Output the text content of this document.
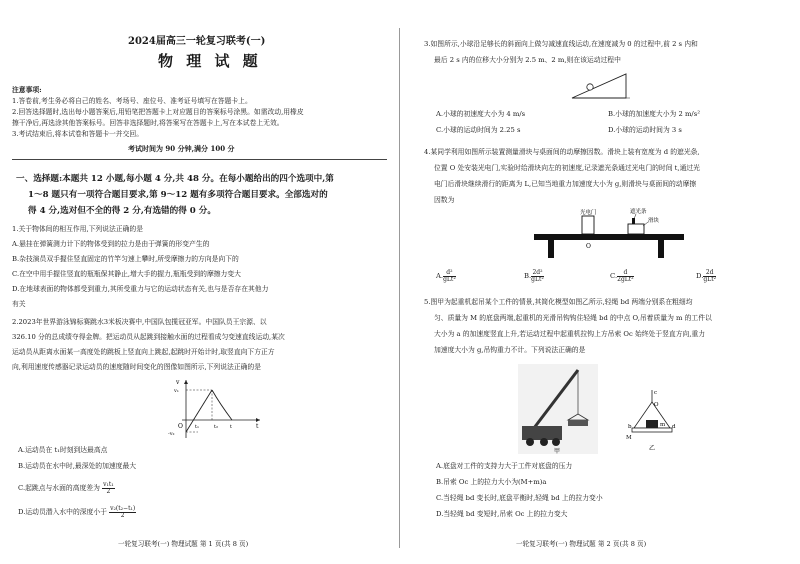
2024届高三一轮复习联考(一)
物 理 试 题
注意事项:
1.答卷前,考生务必将自己的姓名、考场号、座位号、准考证号填写在答题卡上。
2.回答选择题时,选出每小题答案后,用铅笔把答题卡上对应题目的答案标号涂黑。如需改动,用橡皮
擦干净后,再选涂其他答案标号。回答非选择题时,将答案写在答题卡上,写在本试卷上无效。
3.考试结束后,将本试卷和答题卡一并交回。
考试时间为 90 分钟,满分 100 分
一、选择题:本题共 12 小题,每小题 4 分,共 48 分。在每小题给出的四个选项中,第
1～8 题只有一项符合题目要求,第 9～12 题有多项符合题目要求。全部选对的
得 4 分,选对但不全的得 2 分,有选错的得 0 分。
1.关于物体间的相互作用,下列说法正确的是
A.悬挂在弹簧测力计下的物体受到的拉力是由于弹簧的形变产生的
B.杂技演员双手握住竖直固定的竹竿匀速上攀时,所受摩擦力的方向是向下的
C.在空中用手握住竖直的瓶瓶保其静止,增大手的握力,瓶瓶受到的摩擦力变大
D.在地球表面的物体都受到重力,其所受重力与它的运动状态有关,也与是否存在其他力
有关
2.2023年世界游泳锦标赛跳水3米板决赛中,中国队包揽冠亚军。中国队员王宗源、以
326.10 分的总成绩夺得金牌。把运动员从起跳到接触水面的过程看成匀变速直线运动,某次
运动员从距离水面某一高度处的跳板上竖直向上跳起,起跳时开始计时,取竖直向下方正方
向,利用速度传感器记录运动员的速度随时间变化的图像如图所示,下列说法正确的是
v
v₁
O
-v₂
t₁	t₂ t	t
A.运动员在 t₁时刻到达最高点
B.运动员在水中时,最深处的加速度最大
C.起跳点与水面的高度差为 $\frac{\text{v₁t₁}}{2}$
D.运动员潜入水中的深度小于 $\frac{\text{v₂(t₂−t₁)}}{2}$
一轮复习联考(一) 物理试题 第 1 页(共 8 页)
3.如图所示,小球沿足够长的斜面向上做匀减速直线运动,在速度减为 0 的过程中,前 2 s 内和
最后 2 s 内的位移大小分别为 2.5 m、2 m,则在该运动过程中
A.小球的初速度大小为 4 m/s	B.小球的加速度大小为 2 m/s²
C.小球的运动时间为 2.25 s	D.小球的运动时间为 3 s
4.某同学利用如图所示装置测量滑块与桌面间的动摩擦因数。滑块上装有宽度为 d 的遮光条,
位置 O 处安装光电门,实验时给滑块向左的初速度,记录遮光条通过光电门的时间 t,通过光
电门后滑块继续滑行的距离为 L,已知当地重力加速度大小为 g,则滑块与桌面间的动摩擦
因数为
光电门	遮光条
滑块
O
A. $\frac{\text{d²}}{\text{gLt²}}$	B. $\frac{\text{2d²}}{\text{gLt²}}$	C. $\frac{d}{\text{2gLt²}}$	D. $\frac{2d}{\text{gLt²}}$
5.图甲为起重机起吊某个工件的情景,其简化模型如图乙所示,轻绳 bd 两端分别系在粗细均
匀、质量为 M 的底盘两端,起重机的光滑吊钩钩住轻绳 bd 的中点 O,吊着质量为 m 的工件以
大小为 a 的加速度竖直上升,若运动过程中起重机拉钩上方吊索 Oc 始终处于竖直方向,重力
加速度大小为 g,吊钩重力不计。下列说法正确的是
甲
c
O
b	d
M
m
乙
A.底盘对工件的支持力大于工件对底盘的压力
B.吊索 Oc 上的拉力大小为(M+m)a
C.当轻绳 bd 变长时,底盘平衡时,轻绳 bd 上的拉力变小
D.当轻绳 bd 变短时,吊索 Oc 上的拉力变大
一轮复习联考(一) 物理试题 第 2 页(共 8 页)
